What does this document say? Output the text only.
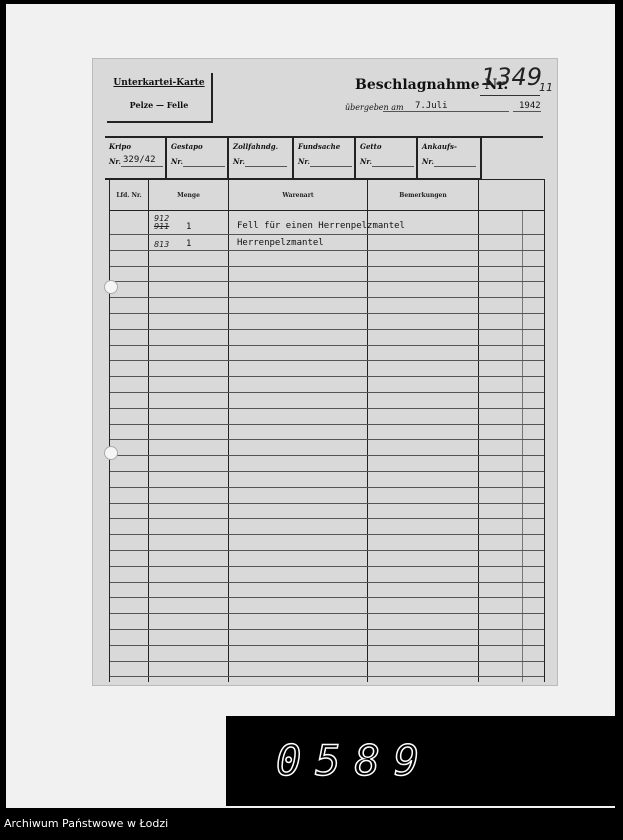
Unterkartei-Karte
Pelze — Felle
Beschlagnahme Nr.
1349
11
übergeben am 7.Juli	1942
Kripo
Nr. 329/42
Gestapo
Nr.
Zollfahndg.
Nr.
Fundsache
Nr.
Getto
Nr.
Ankaufs-
Nr.
Lfd. Nr.	Menge	Warenart	Bemerkungen
912
911 1	Fell für einen Herrenpelzmantel
813 1	Herrenpelzmantel
0589
Archiwum Państwowe w Łodzi
